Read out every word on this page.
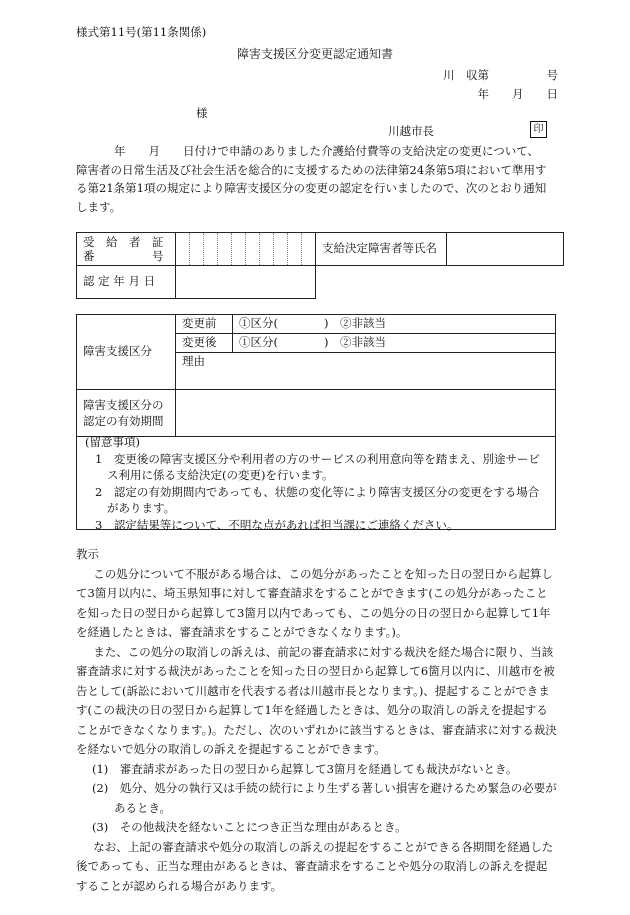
様式第11号(第11条関係)
障害支援区分変更認定通知書
川　収第　　　　　号
年　　月　　日
様
川越市長	印
年　　月　　日付けで申請のありました介護給付費等の支給決定の変更について、
障害者の日常生活及び社会生活を総合的に支援するための法律第24条第5項において準用する第21条第1項の規定により障害支援区分の変更の認定を行いましたので、次のとおり通知します。
受　給　者　証
番　　　　　号		支給決定障害者等氏名	
認 定 年 月 日			
障害支援区分	変更前	①区分(　　　　)　②非該当
	変更後	①区分(　　　　)　②非該当
	理由	

障害支援区分の
認定の有効期間		

(留意事項)
1　変更後の障害支援区分や利用者の方のサービスの利用意向等を踏まえ、別途サービス利用に係る支給決定(の変更)を行います。
2　認定の有効期間内であっても、状態の変化等により障害支援区分の変更をする場合があります。
3　認定結果等について、不明な点があれば担当課にご連絡ください。
教示
この処分について不服がある場合は、この処分があったことを知った日の翌日から起算して3箇月以内に、埼玉県知事に対して審査請求をすることができます(この処分があったことを知った日の翌日から起算して3箇月以内であっても、この処分の日の翌日から起算して1年を経過したときは、審査請求をすることができなくなります。)。
また、この処分の取消しの訴えは、前記の審査請求に対する裁決を経た場合に限り、当該審査請求に対する裁決があったことを知った日の翌日から起算して6箇月以内に、川越市を被告として(訴訟において川越市を代表する者は川越市長となります。)、提起することができます(この裁決の日の翌日から起算して1年を経過したときは、処分の取消しの訴えを提起することができなくなります。)。ただし、次のいずれかに該当するときは、審査請求に対する裁決を経ないで処分の取消しの訴えを提起することができます。
(1)　審査請求があった日の翌日から起算して3箇月を経過しても裁決がないとき。
(2)　処分、処分の執行又は手続の続行により生ずる著しい損害を避けるため緊急の必要があるとき。
(3)　その他裁決を経ないことにつき正当な理由があるとき。
なお、上記の審査請求や処分の取消しの訴えの提起をすることができる各期間を経過した後であっても、正当な理由があるときは、審査請求をすることや処分の取消しの訴えを提起することが認められる場合があります。
